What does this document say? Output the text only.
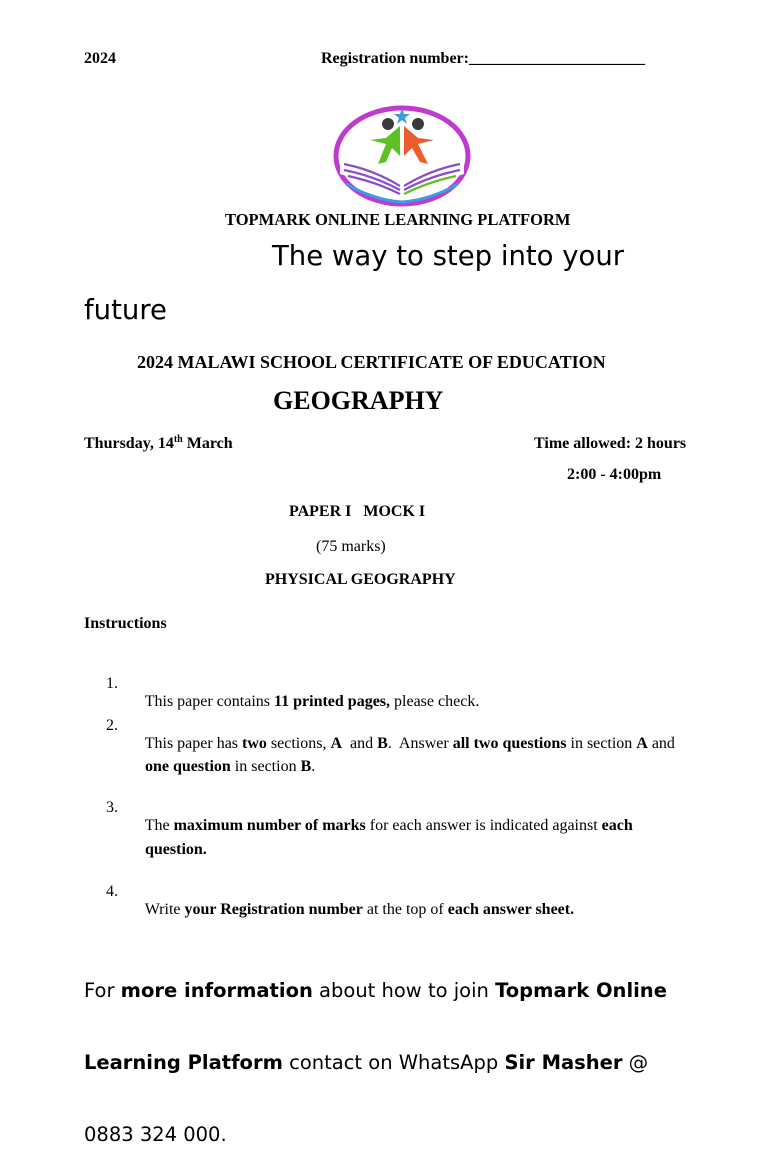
2024	Registration number:______________________
TOPMARK ONLINE LEARNING PLATFORM
The way to step into your
future
2024 MALAWI SCHOOL CERTIFICATE OF EDUCATION
GEOGRAPHY
Thursday, 14th March	Time allowed: 2 hours
2:00 - 4:00pm
PAPER I   MOCK I
(75 marks)
PHYSICAL GEOGRAPHY
Instructions

1.

This paper contains 11 printed pages, please check.

2.

This paper has two sections, A  and B.  Answer all two questions in section A and

one question in section B.

3.

The maximum number of marks for each answer is indicated against each

question.

4.

Write your Registration number at the top of each answer sheet.

For more information about how to join Topmark Online

Learning Platform contact on WhatsApp Sir Masher @

0883 324 000.
